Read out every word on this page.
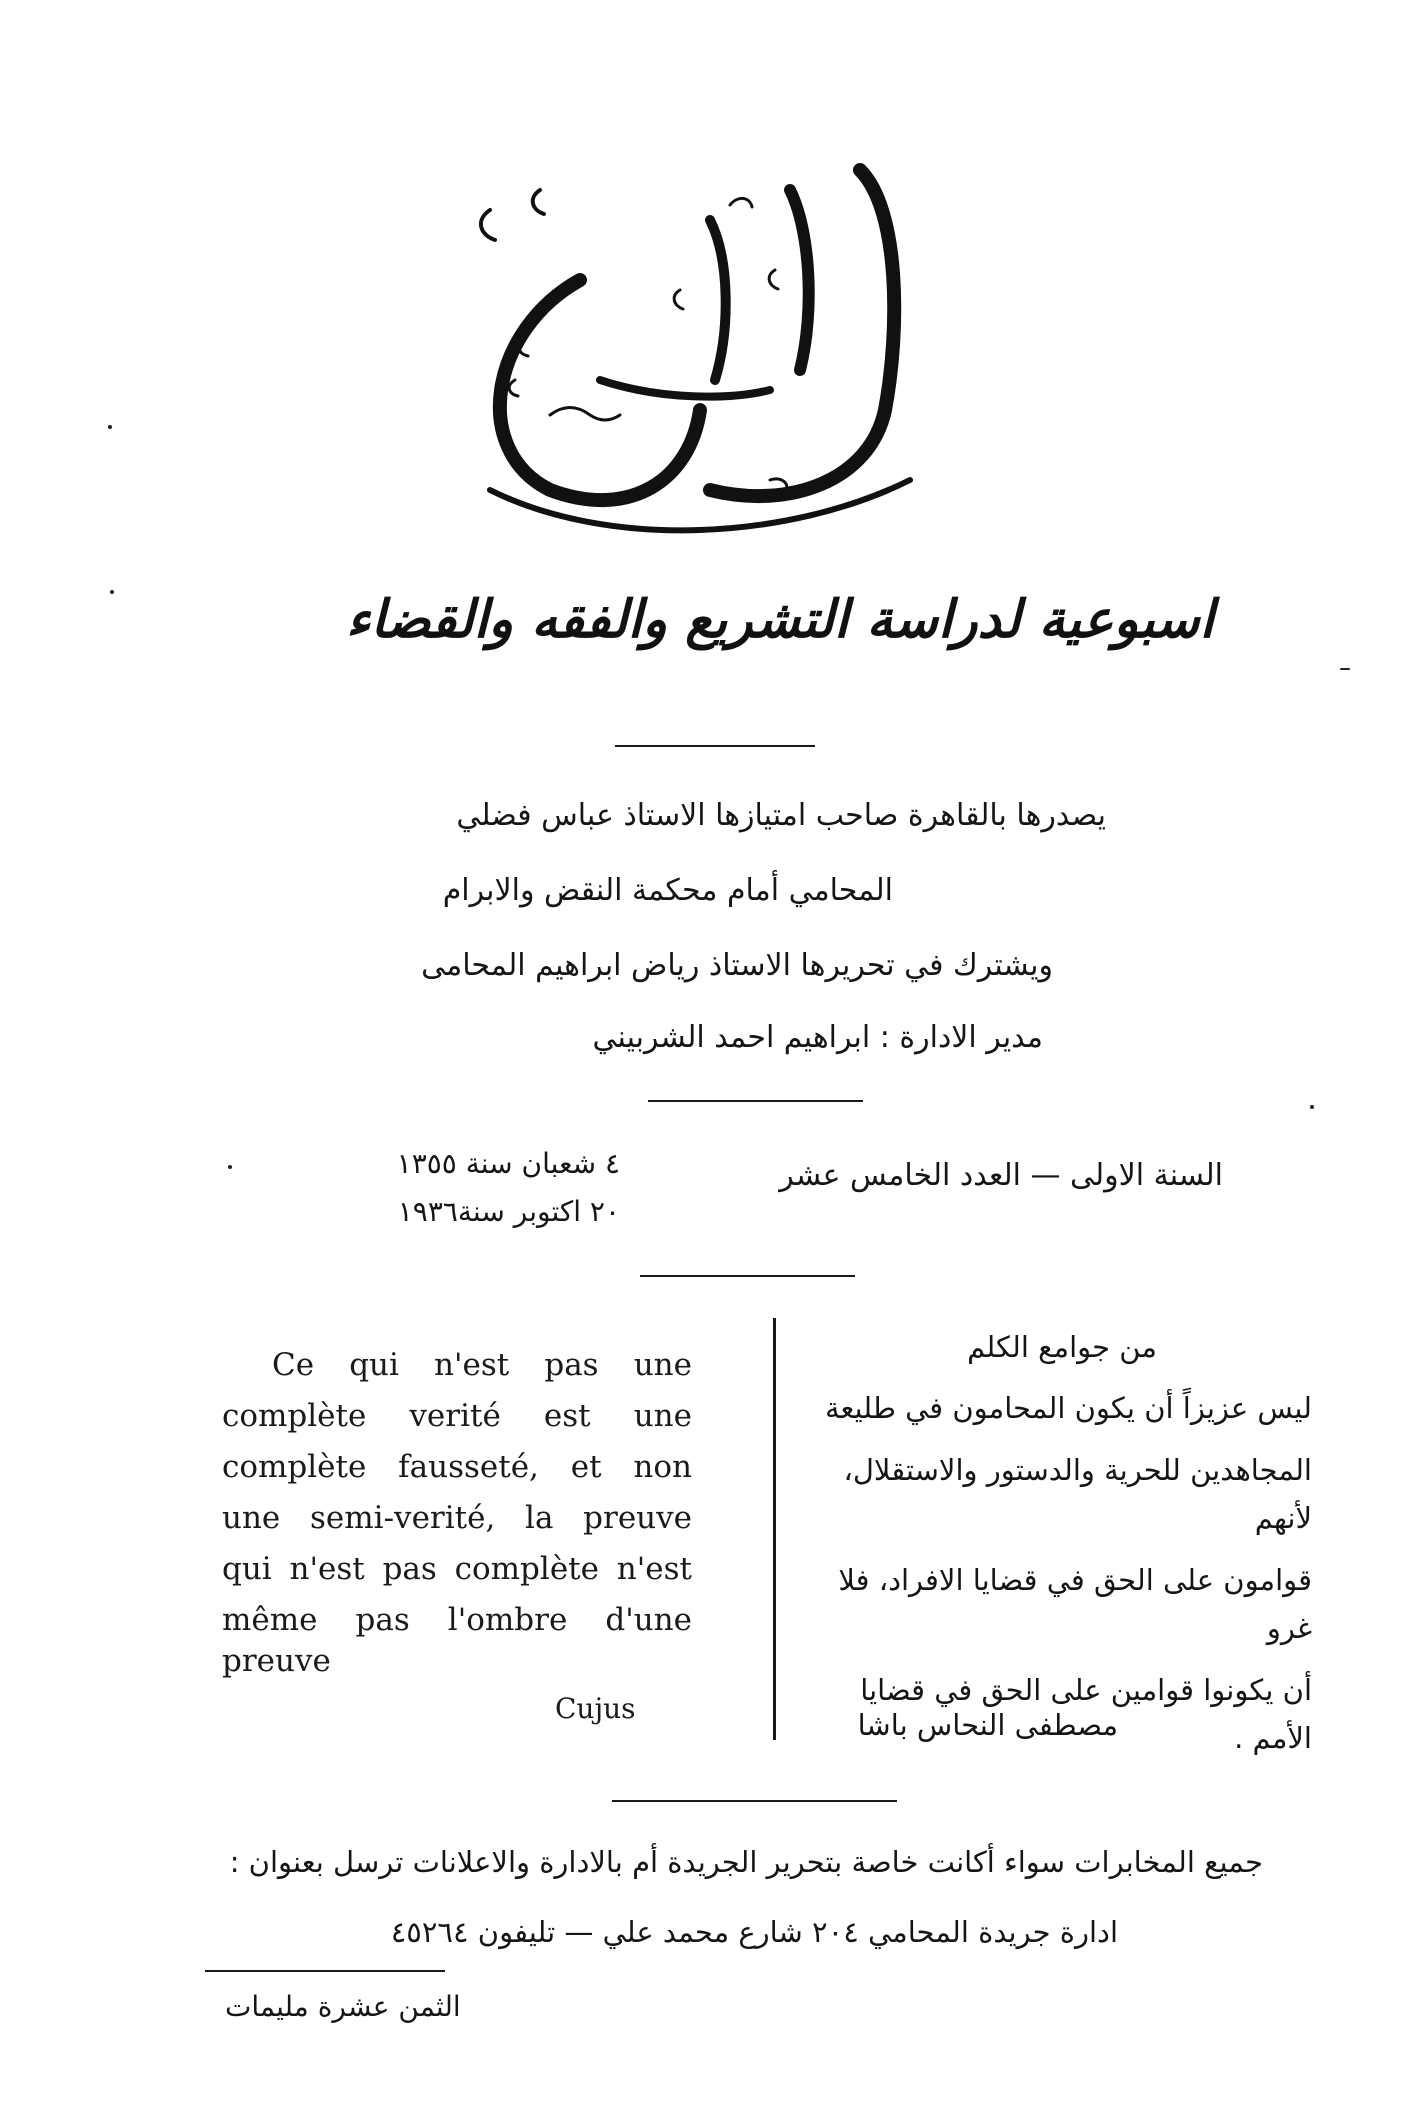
اسبوعية لدراسة التشريع والفقه والقضاء
يصدرها بالقاهرة صاحب امتيازها الاستاذ عباس فضلي
المحامي أمام محكمة النقض والابرام
ويشترك في تحريرها الاستاذ رياض ابراهيم المحامى
مدير الادارة : ابراهيم احمد الشربيني
٤ شعبان سنة ١٣٥٥
٢٠ اكتوبر سنة١٩٣٦
السنة الاولى — العدد الخامس عشر

Ce qui n'est pas une

complète verité est une

complète fausseté, et non

une semi-verité, la preuve

qui n'est pas complète n'est

même pas l'ombre d'une

preuve

Cujus
من جوامع الكلم

ليس عزيزاً أن يكون المحامون في طليعة

المجاهدين للحرية والدستور والاستقلال، لأنهم

قوامون على الحق في قضايا الافراد، فلا غرو

أن يكونوا قوامين على الحق في قضايا الأمم .

مصطفى النحاس باشا
جميع المخابرات سواء أكانت خاصة بتحرير الجريدة أم بالادارة والاعلانات ترسل بعنوان :
ادارة جريدة المحامي ٢٠٤ شارع محمد علي — تليفون ٤٥٢٦٤
الثمن عشرة مليمات
